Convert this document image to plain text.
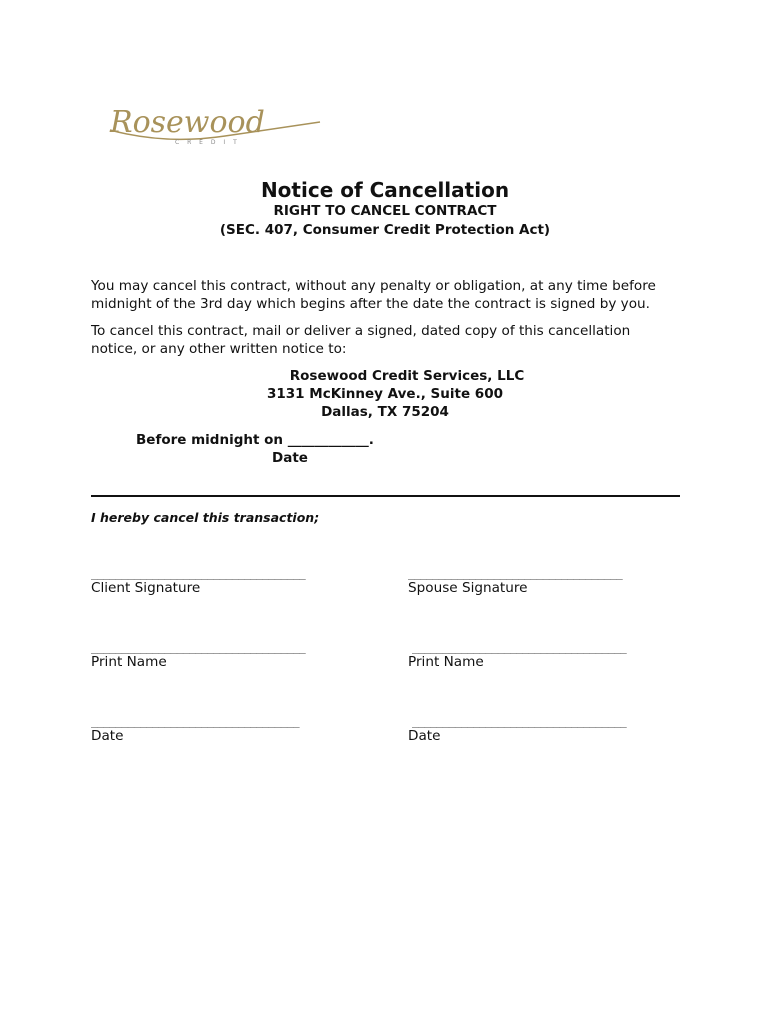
Rosewood
C R E D I T
Notice of Cancellation
RIGHT TO CANCEL CONTRACT
(SEC. 407, Consumer Credit Protection Act)
You may cancel this contract, without any penalty or obligation, at any time before
midnight of the 3rd day which begins after the date the contract is signed by you.
To cancel this contract, mail or deliver a signed, dated copy of this cancellation
notice, or any other written notice to:
Rosewood Credit Services, LLC
3131 McKinney Ave., Suite 600
Dallas, TX 75204
Before midnight on ____________.
Date
I hereby cancel this transaction;
___________________________________
Client Signature
___________________________________
Spouse Signature
___________________________________
Print Name
___________________________________
Print Name
__________________________________
Date
___________________________________
Date
